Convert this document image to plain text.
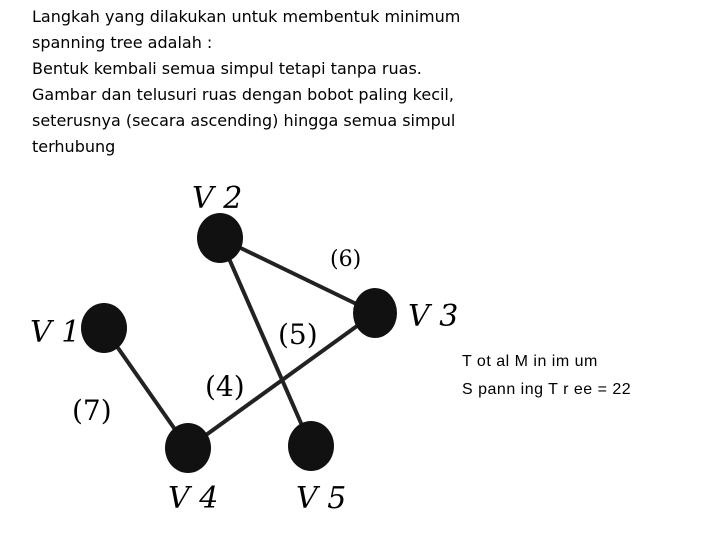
Langkah yang dilakukan untuk membentuk minimum
spanning tree adalah :
Bentuk kembali semua simpul tetapi tanpa ruas.
Gambar dan telusuri ruas dengan bobot paling kecil,
seterusnya (secara ascending) hingga semua simpul
terhubung
V 2
V 3
V 1
V 4	V 5
(6)
(5)
(4)
(7)
T ot al M in im um
S pann ing T r ee = 22
